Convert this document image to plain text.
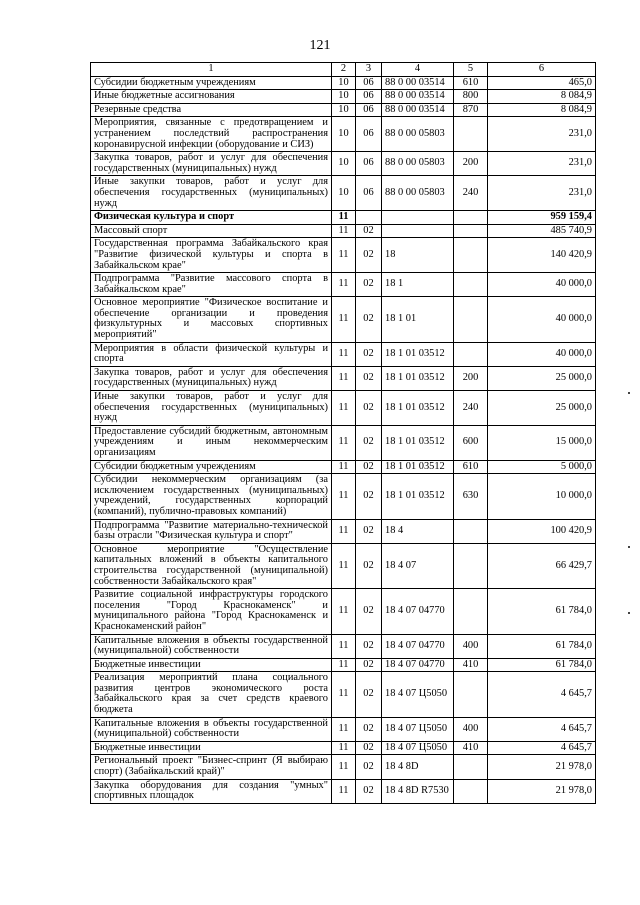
121
1	2	3	4	5	6
Субсидии бюджетным учреждениям	10	06	88 0 00 03514	610	465,0
Иные бюджетные ассигнования	10	06	88 0 00 03514	800	8 084,9
Резервные средства	10	06	88 0 00 03514	870	8 084,9
Мероприятия, связанные с предотвращением и устранением последствий распространения коронавирусной инфекции (оборудование и СИЗ)	10	06	88 0 00 05803		231,0
Закупка товаров, работ и услуг для обеспечения государственных (муниципальных) нужд	10	06	88 0 00 05803	200	231,0
Иные закупки товаров, работ и услуг для обеспечения государственных (муниципальных) нужд	10	06	88 0 00 05803	240	231,0
Физическая культура и спорт	11				959 159,4
Массовый спорт	11	02			485 740,9
Государственная программа Забайкальского края "Развитие физической культуры и спорта в Забайкальском крае"	11	02	18		140 420,9
Подпрограмма "Развитие массового спорта в Забайкальском крае"	11	02	18 1		40 000,0
Основное мероприятие "Физическое воспитание и обеспечение организации и проведения физкультурных и массовых спортивных мероприятий"	11	02	18 1 01		40 000,0
Мероприятия в области физической культуры и спорта	11	02	18 1 01 03512		40 000,0
Закупка товаров, работ и услуг для обеспечения государственных (муниципальных) нужд	11	02	18 1 01 03512	200	25 000,0
Иные закупки товаров, работ и услуг для обеспечения государственных (муниципальных) нужд	11	02	18 1 01 03512	240	25 000,0
Предоставление субсидий бюджетным, автономным учреждениям и иным некоммерческим организациям	11	02	18 1 01 03512	600	15 000,0
Субсидии бюджетным учреждениям	11	02	18 1 01 03512	610	5 000,0
Субсидии некоммерческим организациям (за исключением государственных (муниципальных) учреждений, государственных корпораций (компаний), публично-правовых компаний)	11	02	18 1 01 03512	630	10 000,0
Подпрограмма "Развитие материально-технической базы отрасли "Физическая культура и спорт"	11	02	18 4		100 420,9
Основное мероприятие "Осуществление капитальных вложений в объекты капитального строительства государственной (муниципальной) собственности Забайкальского края"	11	02	18 4 07		66 429,7
Развитие социальной инфраструктуры городского поселения "Город Краснокаменск" и муниципального района "Город Краснокаменск и Краснокаменский район"	11	02	18 4 07 04770		61 784,0
Капитальные вложения в объекты государственной (муниципальной) собственности	11	02	18 4 07 04770	400	61 784,0
Бюджетные инвестиции	11	02	18 4 07 04770	410	61 784,0
Реализация мероприятий плана социального развития центров экономического роста Забайкальского края за счет средств краевого бюджета	11	02	18 4 07 Ц5050		4 645,7
Капитальные вложения в объекты государственной (муниципальной) собственности	11	02	18 4 07 Ц5050	400	4 645,7
Бюджетные инвестиции	11	02	18 4 07 Ц5050	410	4 645,7
Региональный проект "Бизнес-спринт (Я выбираю спорт) (Забайкальский край)"	11	02	18 4 8D		21 978,0
Закупка оборудования для создания "умных" спортивных площадок	11	02	18 4 8D R7530		21 978,0
